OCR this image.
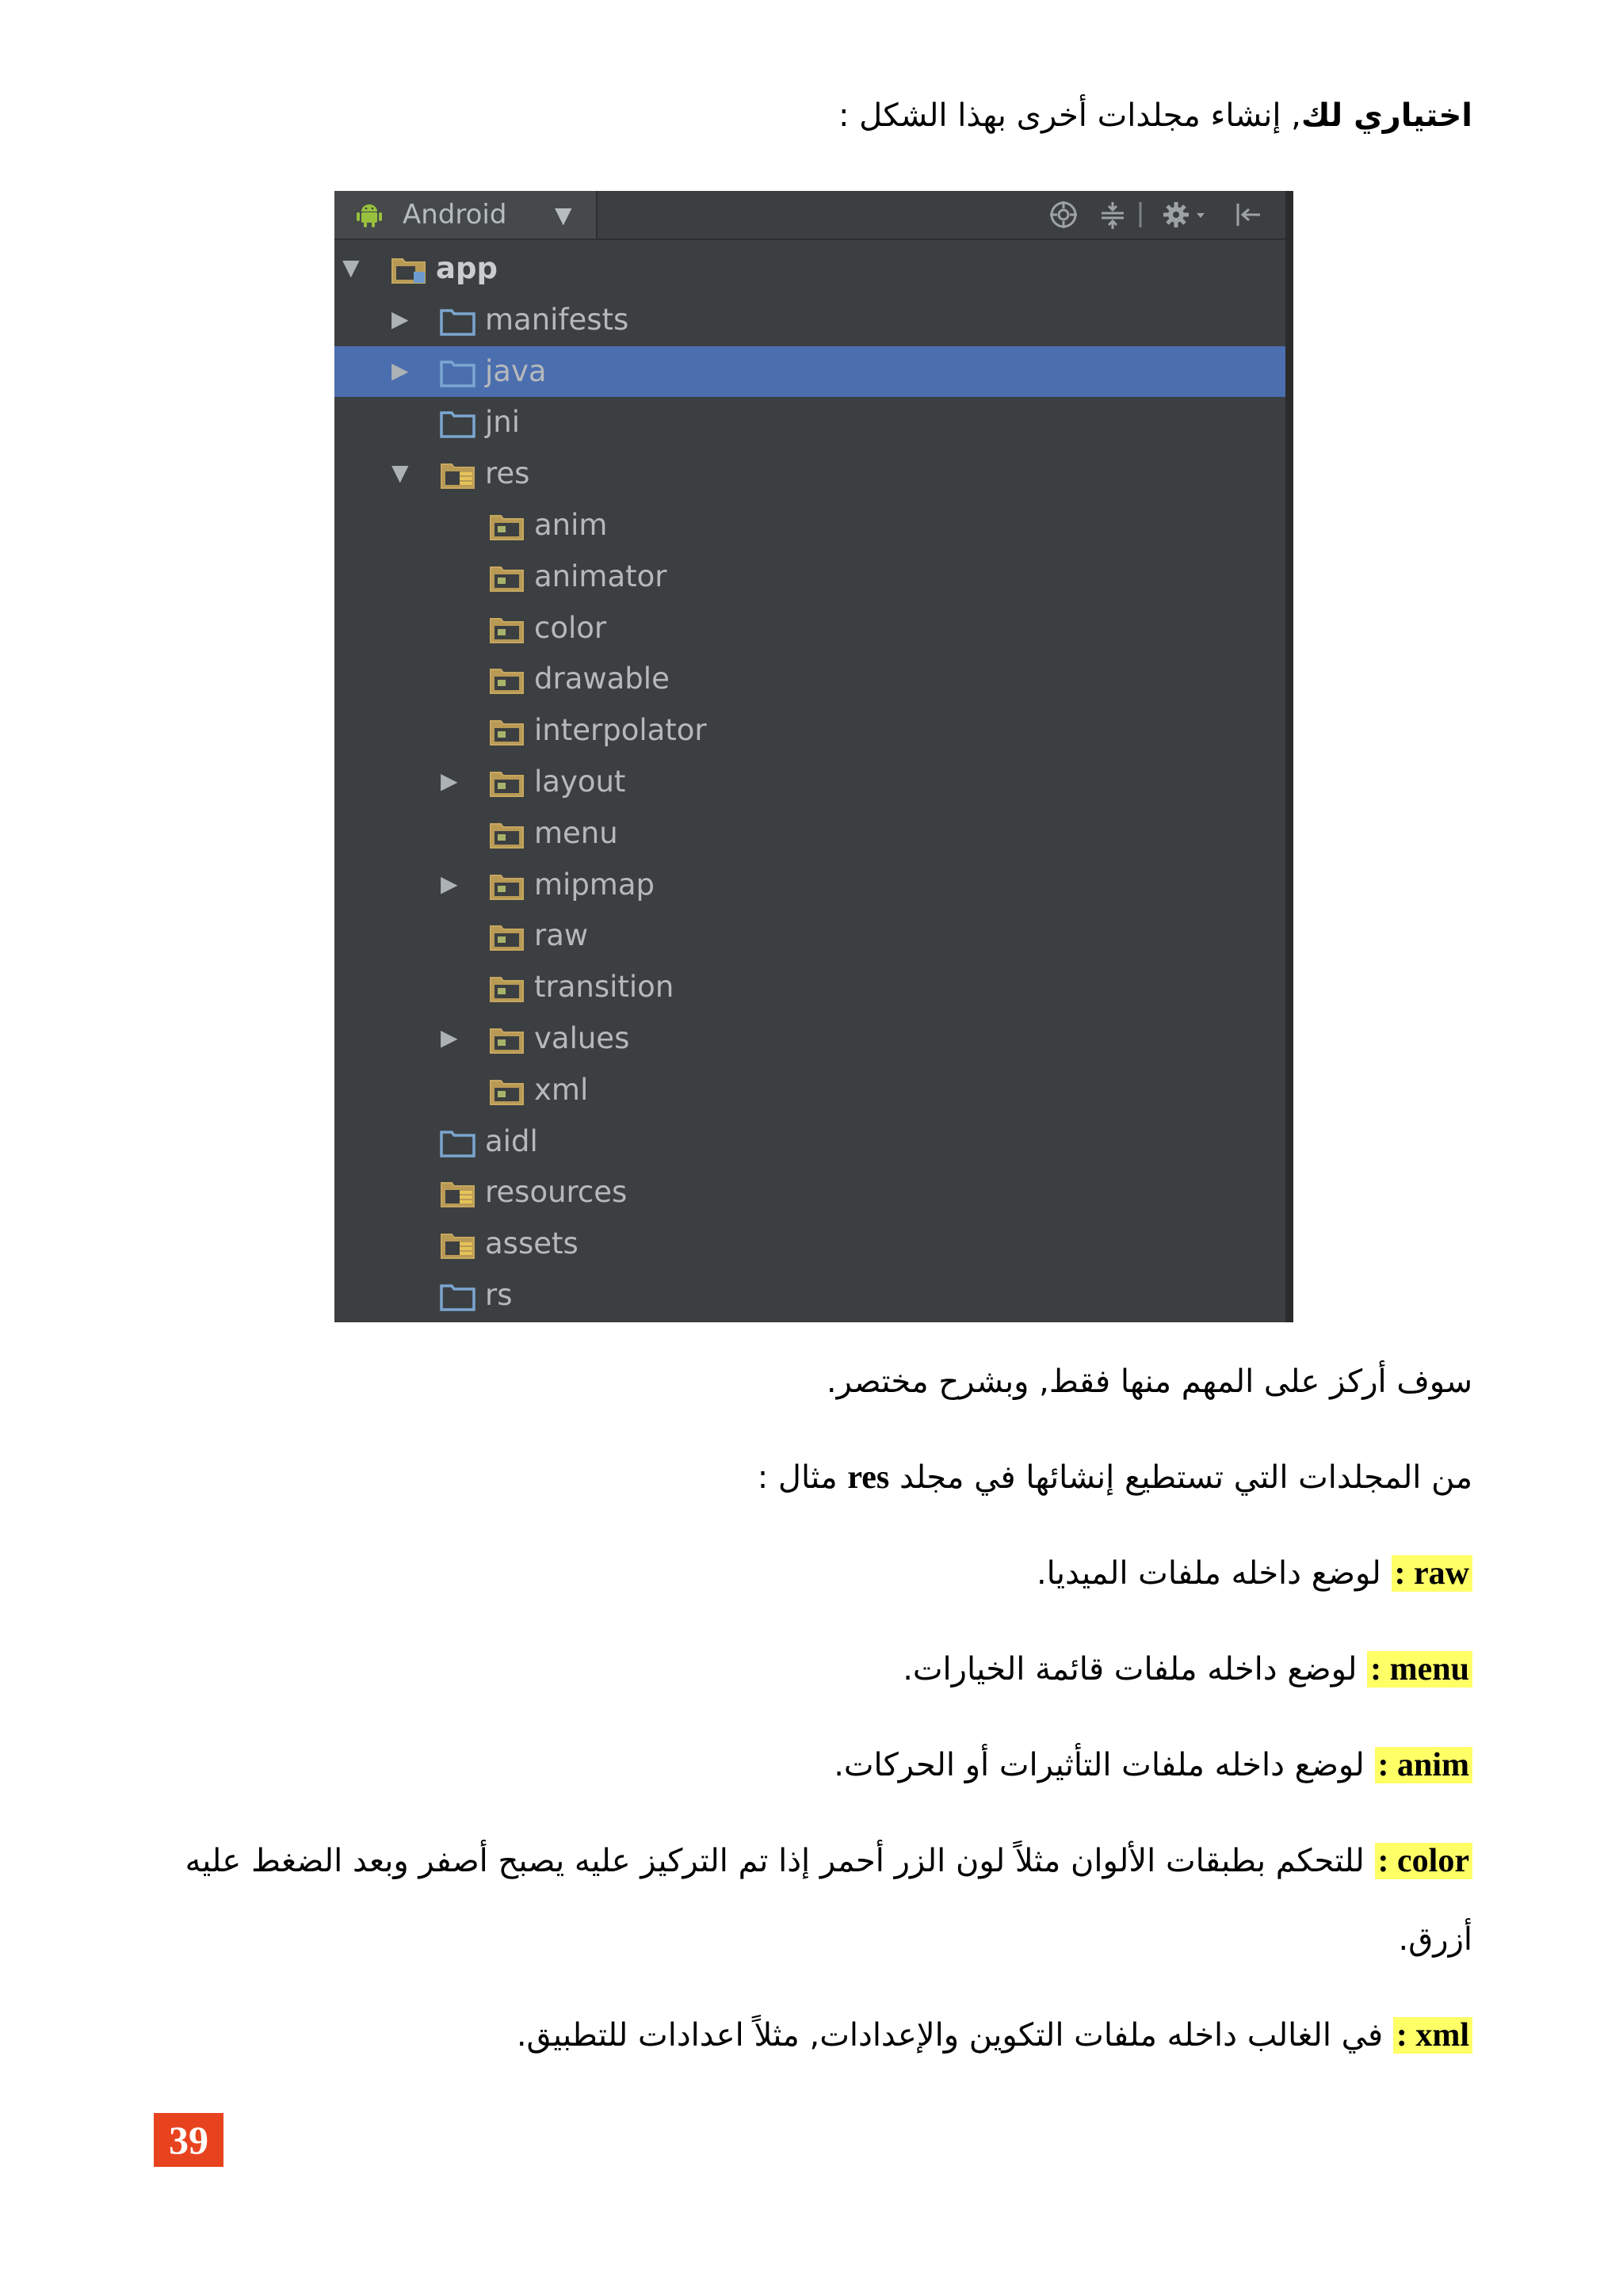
اختياري لك, إنشاء مجلدات أخرى بهذا الشكل :
Android ▼
▼	app
▶	manifests
▶	java
jni
▼	res
anim
animator
color
drawable
interpolator
▶	layout
menu
▶	mipmap
raw
transition
▶	values
xml
aidl
resources
assets
rs
سوف أركز على المهم منها فقط, وبشرح مختصر.
من المجلدات التي تستطيع إنشائها في مجلد res مثال :
: raw لوضع داخله ملفات الميديا.
: menu لوضع داخله ملفات قائمة الخيارات.
: anim لوضع داخله ملفات التأثيرات أو الحركات.
: color للتحكم بطبقات الألوان مثلاً لون الزر أحمر إذا تم التركيز عليه يصبح أصفر وبعد الضغط عليه
أزرق.
: xml في الغالب داخله ملفات التكوين والإعدادات, مثلاً اعدادات للتطبيق.
39
